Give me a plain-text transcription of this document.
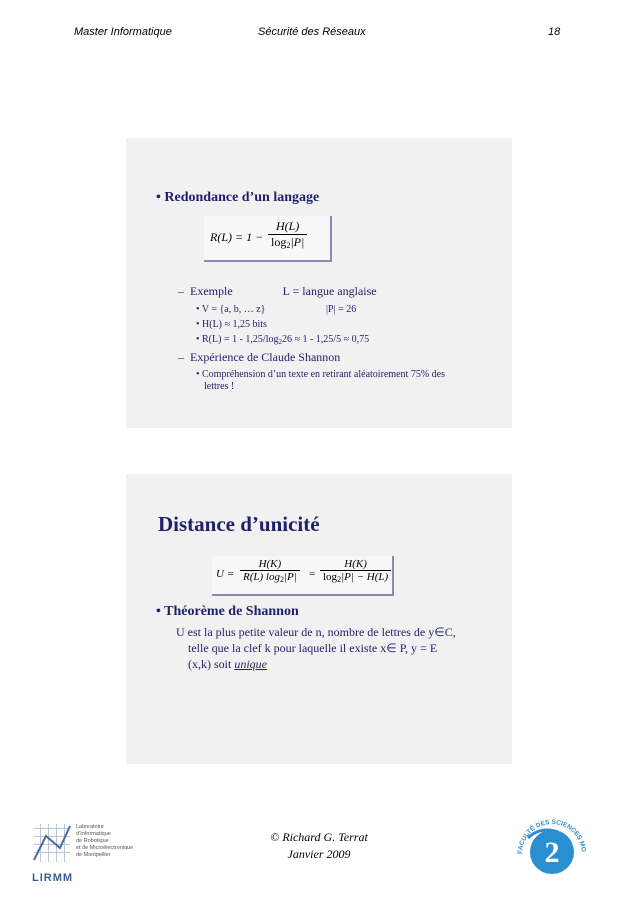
Master Informatique	Sécurité des Réseaux	18
• Redondance d’un langage
$R(L) = 1 - \frac{H(L)}{\log_2|P|}$
– Exemple	L = langue anglaise
• V = {a, b, … z}	|P| = 26
• H(L) ≈ 1,25 bits
• $R(L) = 1 - 1,25/\log_226 \approx 1 - 1,25/5 \approx 0,75$
– Expérience de Claude Shannon
• Compréhension d’un texte en retirant aléatoirement 75% des
lettres !
Distance d’unicité
$U = \frac{H(K)}{R(L) \log_2|P|} = \frac{H(K)}{\log_2|P| - H(L)}$
• Théorème de Shannon
U est la plus petite valeur de n, nombre de lettres de y∈C,
telle que la clef k pour laquelle il existe x∈ P, y = E
(x,k) soit unique
Laboratoire
d’Informatique
de Robotique
et de Microélectronique
de Montpellier
LIRMM
© Richard G. Terrat
Janvier 2009	2
FACULTÉ DES SCIENCES MO
